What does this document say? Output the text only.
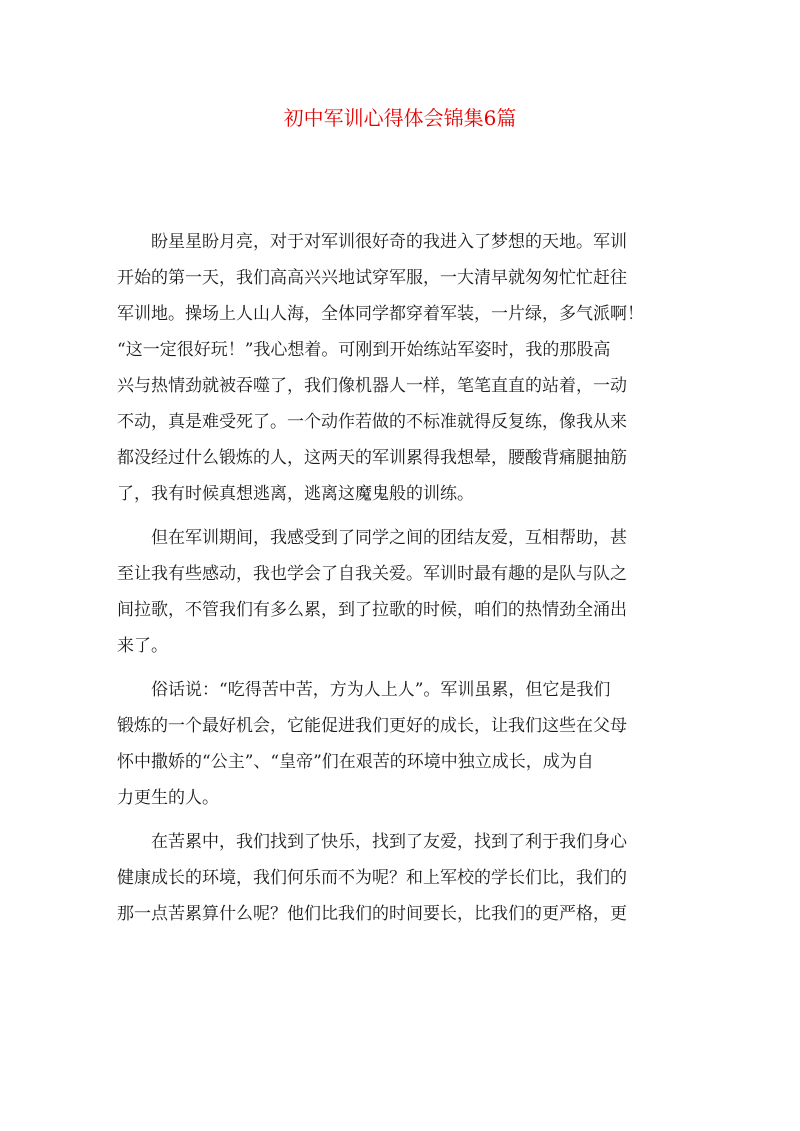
初中军训心得体会锦集6篇
盼星星盼月亮，对于对军训很好奇的我进入了梦想的天地。军训
开始的第一天，我们高高兴兴地试穿军服，一大清早就匆匆忙忙赶往
军训地。操场上人山人海，全体同学都穿着军装，一片绿，多气派啊！
“这一定很好玩！”我心想着。可刚到开始练站军姿时，我的那股高
兴与热情劲就被吞噬了，我们像机器人一样，笔笔直直的站着，一动
不动，真是难受死了。一个动作若做的不标准就得反复练，像我从来
都没经过什么锻炼的人，这两天的军训累得我想晕，腰酸背痛腿抽筋
了，我有时候真想逃离，逃离这魔鬼般的训练。
但在军训期间，我感受到了同学之间的团结友爱，互相帮助，甚
至让我有些感动，我也学会了自我关爱。军训时最有趣的是队与队之
间拉歌，不管我们有多么累，到了拉歌的时候，咱们的热情劲全涌出
来了。
俗话说：“吃得苦中苦，方为人上人”。军训虽累，但它是我们
锻炼的一个最好机会，它能促进我们更好的成长，让我们这些在父母
怀中撒娇的“公主”、“皇帝”们在艰苦的环境中独立成长，成为自
力更生的人。
在苦累中，我们找到了快乐，找到了友爱，找到了利于我们身心
健康成长的环境，我们何乐而不为呢？和上军校的学长们比，我们的
那一点苦累算什么呢？他们比我们的时间要长，比我们的更严格，更
